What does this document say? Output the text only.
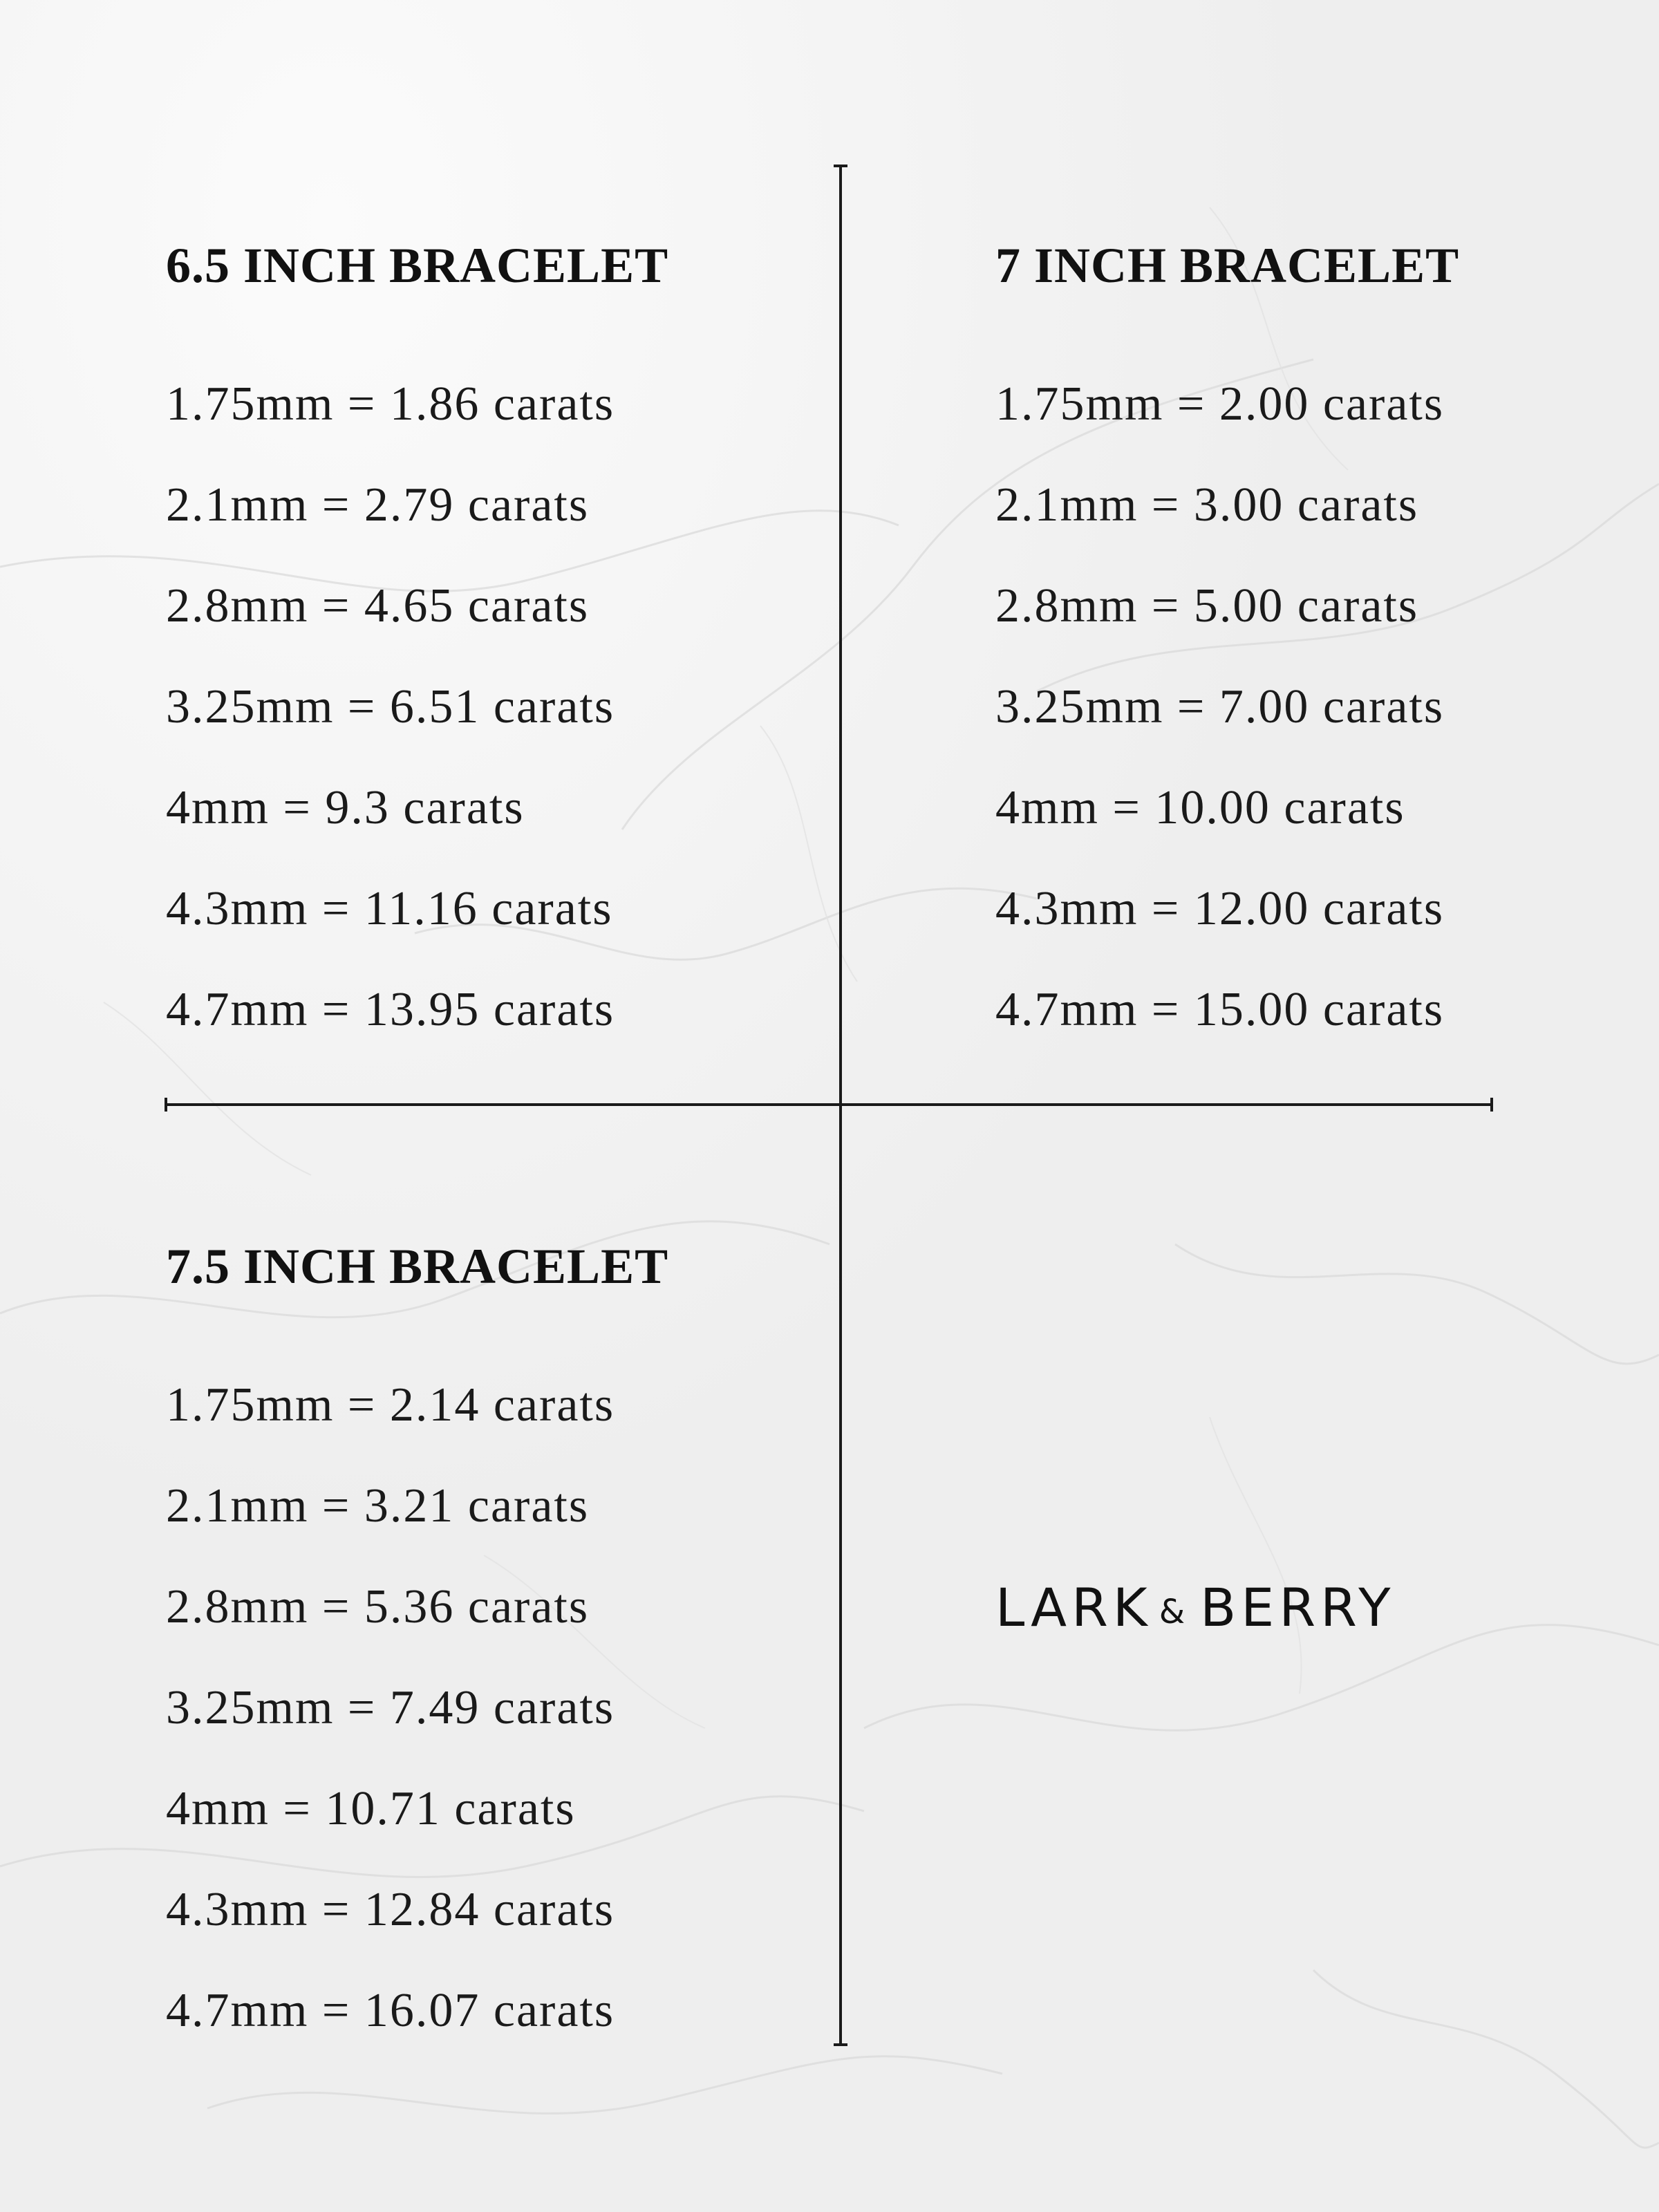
6.5 INCH BRACELET
1.75mm = 1.86 carats
2.1mm = 2.79 carats
2.8mm = 4.65 carats
3.25mm = 6.51 carats
4mm = 9.3 carats
4.3mm = 11.16 carats
4.7mm = 13.95 carats
7 INCH BRACELET
1.75mm = 2.00 carats
2.1mm = 3.00 carats
2.8mm = 5.00 carats
3.25mm = 7.00 carats
4mm = 10.00 carats
4.3mm = 12.00 carats
4.7mm = 15.00 carats
7.5 INCH BRACELET
1.75mm = 2.14 carats
2.1mm = 3.21 carats
2.8mm = 5.36 carats
3.25mm = 7.49 carats
4mm = 10.71 carats
4.3mm = 12.84 carats
4.7mm = 16.07 carats
LARK & BERRY
